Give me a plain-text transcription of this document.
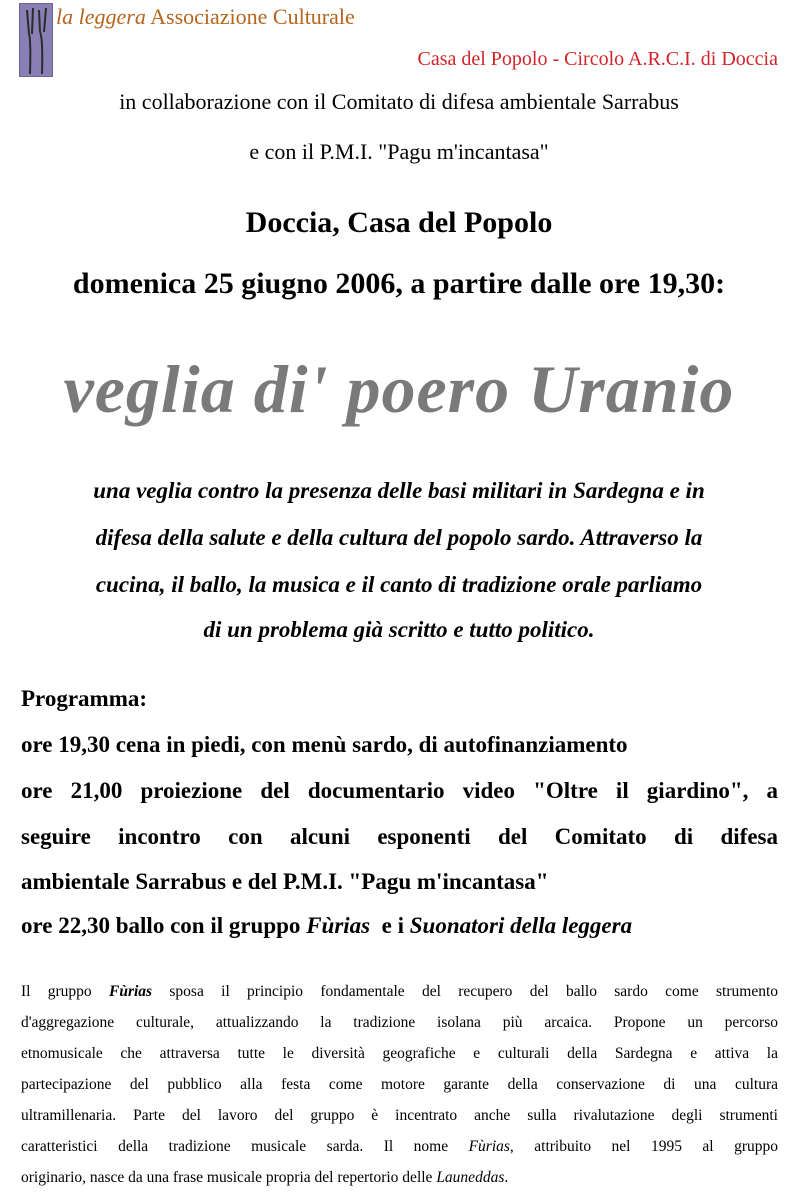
la leggera Associazione Culturale
Casa del Popolo - Circolo A.R.C.I. di Doccia
in collaborazione con il Comitato di difesa ambientale Sarrabus
e con il P.M.I. "Pagu m'incantasa"
Doccia, Casa del Popolo
domenica 25 giugno 2006, a partire dalle ore 19,30:
veglia di' poero Uranio
una veglia contro la presenza delle basi militari in Sardegna e in
difesa della salute e della cultura del popolo sardo. Attraverso la
cucina, il ballo, la musica e il canto di tradizione orale parliamo
di un problema già scritto e tutto politico.
Programma:
ore 19,30 cena in piedi, con menù sardo, di autofinanziamento
ore 21,00 proiezione del documentario video "Oltre il giardino", a
seguire incontro con alcuni esponenti del Comitato di difesa
ambientale Sarrabus e del P.M.I. "Pagu m'incantasa"
ore 22,30 ballo con il gruppo Fùrias  e i Suonatori della leggera
Il gruppo Fùrias sposa il principio fondamentale del recupero del ballo sardo come strumento
d'aggregazione culturale, attualizzando la tradizione isolana più arcaica. Propone un percorso
etnomusicale che attraversa tutte le diversità geografiche e culturali della Sardegna e attiva la
partecipazione del pubblico alla festa come motore garante della conservazione di una cultura
ultramillenaria. Parte del lavoro del gruppo è incentrato anche sulla rivalutazione degli strumenti
caratteristici della tradizione musicale sarda. Il nome Fùrias, attribuito nel 1995 al gruppo
originario, nasce da una frase musicale propria del repertorio delle Launeddas.
